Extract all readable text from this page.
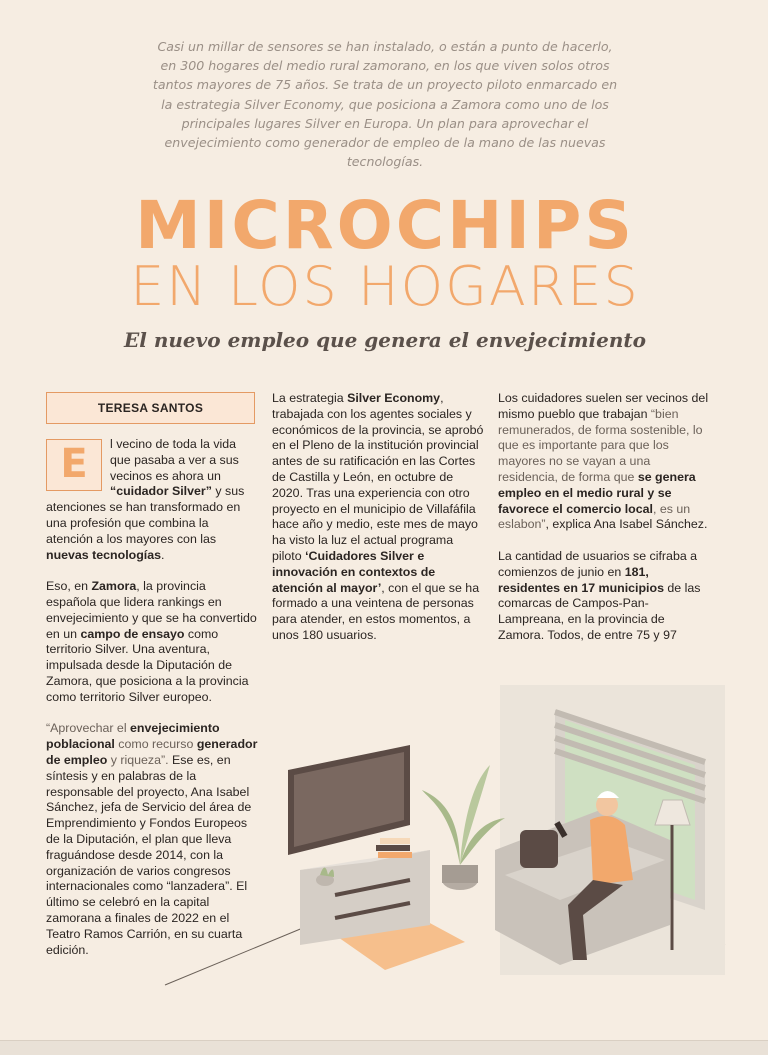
Casi un millar de sensores se han instalado, o están a punto de hacerlo, en 300 hogares del medio rural zamorano, en los que viven solos otros tantos mayores de 75 años. Se trata de un proyecto piloto enmarcado en la estrategia Silver Economy, que posiciona a Zamora como uno de los principales lugares Silver en Europa. Un plan para aprovechar el envejecimiento como generador de empleo de la mano de las nuevas tecnologías.
MICROCHIPS
EN LOS HOGARES
El nuevo empleo que genera el envejecimiento
TERESA SANTOS

E	l vecino de toda la vida que pasaba a ver a sus vecinos es ahora un “cuidador Silver” y sus atenciones se han transformado en una profesión que combina la atención a los mayores con las nuevas tecnologías.

Eso, en Zamora, la provincia española que lidera rankings en envejecimiento y que se ha convertido en un campo de ensayo como territorio Silver. Una aventura, impulsada desde la Diputación de Zamora, que posiciona a la provincia como territorio Silver europeo.

“Aprovechar el envejecimiento poblacional como recurso generador de empleo y riqueza”. Ese es, en síntesis y en palabras de la responsable del proyecto, Ana Isabel Sánchez, jefa de Servicio del área de Emprendimiento y Fondos Europeos de la Diputación, el plan que lleva fraguándose desde 2014, con la organización de varios congresos internacionales como “lanzadera”. El último se celebró en la capital zamorana a finales de 2022 en el Teatro Ramos Carrión, en su cuarta edición.

La estrategia Silver Economy, trabajada con los agentes sociales y económicos de la provincia, se aprobó en el Pleno de la institución provincial antes de su ratificación en las Cortes de Castilla y León, en octubre de 2020. Tras una experiencia con otro proyecto en el municipio de Villafáfila hace año y medio, este mes de mayo ha visto la luz el actual programa piloto ‘Cuidadores Silver e innovación en contextos de atención al mayor’, con el que se ha formado a una veintena de personas para atender, en estos momentos, a unos 180 usuarios.

Los cuidadores suelen ser vecinos del mismo pueblo que trabajan “bien remunerados, de forma sostenible, lo que es importante para que los mayores no se vayan a una residencia, de forma que se genera empleo en el medio rural y se favorece el comercio local, es un eslabon”, explica Ana Isabel Sánchez.

La cantidad de usuarios se cifraba a comienzos de junio en 181, residentes en 17 municipios de las comarcas de Campos-Pan-Lampreana, en la provincia de Zamora. Todos, de entre 75 y 97
